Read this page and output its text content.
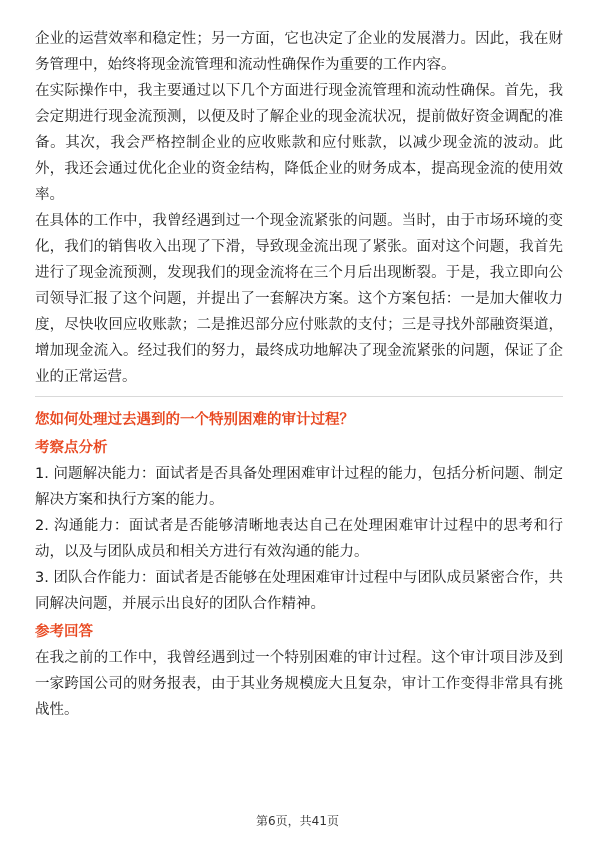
企业的运营效率和稳定性；另一方面，它也决定了企业的发展潜力。因此，我在财务管理中，始终将现金流管理和流动性确保作为重要的工作内容。

在实际操作中，我主要通过以下几个方面进行现金流管理和流动性确保。首先，我会定期进行现金流预测，以便及时了解企业的现金流状况，提前做好资金调配的准备。其次，我会严格控制企业的应收账款和应付账款，以减少现金流的波动。此外，我还会通过优化企业的资金结构，降低企业的财务成本，提高现金流的使用效率。

在具体的工作中，我曾经遇到过一个现金流紧张的问题。当时，由于市场环境的变化，我们的销售收入出现了下滑，导致现金流出现了紧张。面对这个问题，我首先进行了现金流预测，发现我们的现金流将在三个月后出现断裂。于是，我立即向公司领导汇报了这个问题，并提出了一套解决方案。这个方案包括：一是加大催收力度，尽快收回应收账款；二是推迟部分应付账款的支付；三是寻找外部融资渠道，增加现金流入。经过我们的努力，最终成功地解决了现金流紧张的问题，保证了企业的正常运营。

您如何处理过去遇到的一个特别困难的审计过程？

考察点分析

1. 问题解决能力：面试者是否具备处理困难审计过程的能力，包括分析问题、制定解决方案和执行方案的能力。

2. 沟通能力：面试者是否能够清晰地表达自己在处理困难审计过程中的思考和行动，以及与团队成员和相关方进行有效沟通的能力。

3. 团队合作能力：面试者是否能够在处理困难审计过程中与团队成员紧密合作，共同解决问题，并展示出良好的团队合作精神。

参考回答

在我之前的工作中，我曾经遇到过一个特别困难的审计过程。这个审计项目涉及到一家跨国公司的财务报表，由于其业务规模庞大且复杂，审计工作变得非常具有挑战性。

第6页，共41页
